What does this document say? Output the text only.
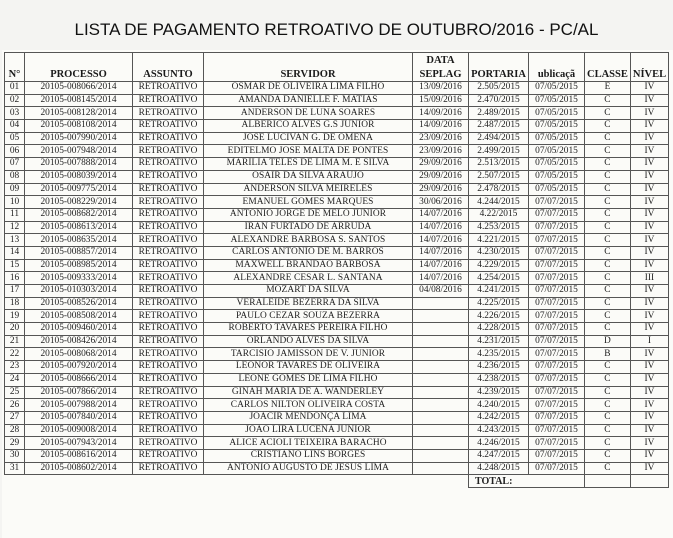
LISTA DE PAGAMENTO RETROATIVO DE OUTUBRO/2016 - PC/AL
				DATA				
N°	PROCESSO	ASSUNTO	SERVIDOR	SEPLAG	PORTARIA	ublicaçã	CLASSE	NÍVEL
01	20105-008066/2014	RETROATIVO	OSMAR DE OLIVEIRA LIMA FILHO	13/09/2016	2.505/2015	07/05/2015	E	IV
02	20105-008145/2014	RETROATIVO	AMANDA DANIELLE F. MATIAS	15/09/2016	2.470/2015	07/05/2015	C	IV
03	20105-008128/2014	RETROATIVO	ANDERSON DE LUNA SOARES	14/09/2016	2.489/2015	07/05/2015	C	IV
04	20105-008108/2014	RETROATIVO	ALBERICO ALVES G.S JUNIOR	14/09/2016	2.487/2015	07/05/2015	C	IV
05	20105-007990/2014	RETROATIVO	JOSE LUCIVAN G. DE OMENA	23/09/2016	2.494/2015	07/05/2015	C	IV
06	20105-007948/2014	RETROATIVO	EDITELMO JOSE MALTA DE PONTES	23/09/2016	2.499/2015	07/05/2015	C	IV
07	20105-007888/2014	RETROATIVO	MARILIA TELES DE LIMA M. E SILVA	29/09/2016	2.513/2015	07/05/2015	C	IV
08	20105-008039/2014	RETROATIVO	OSAIR DA SILVA ARAUJO	29/09/2016	2.507/2015	07/05/2015	C	IV
09	20105-009775/2014	RETROATIVO	ANDERSON SILVA MEIRELES	29/09/2016	2.478/2015	07/05/2015	C	IV
10	20105-008229/2014	RETROATIVO	EMANUEL GOMES MARQUES	30/06/2016	4.244/2015	07/07/2015	C	IV
11	20105-008682/2014	RETROATIVO	ANTONIO JORGE DE MELO JUNIOR	14/07/2016	4.22/2015	07/07/2015	C	IV
12	20105-008613/2014	RETROATIVO	IRAN FURTADO DE ARRUDA	14/07/2016	4.253/2015	07/07/2015	C	IV
13	20105-008635/2014	RETROATIVO	ALEXANDRE BARBOSA S. SANTOS	14/07/2016	4.221/2015	07/07/2015	C	IV
14	20105-008857/2014	RETROATIVO	CARLOS ANTONIO DE M. BARROS	14/07/2016	4.230/2015	07/07/2015	C	IV
15	20105-008985/2014	RETROATIVO	MAXWELL BRANDÃO BARBOSA	14/07/2016	4.229/2015	07/07/2015	C	IV
16	20105-009333/2014	RETROATIVO	ALEXANDRE CESAR L. SANTANA	14/07/2016	4.254/2015	07/07/2015	C	III
17	20105-010303/2014	RETROATIVO	MOZART DA SILVA	04/08/2016	4.241/2015	07/07/2015	C	IV
18	20105-008526/2014	RETROATIVO	VERALEIDE BEZERRA DA SILVA		4.225/2015	07/07/2015	C	IV
19	20105-008508/2014	RETROATIVO	PAULO CEZAR SOUZA BEZERRA		4.226/2015	07/07/2015	C	IV
20	20105-009460/2014	RETROATIVO	ROBERTO TAVARES PEREIRA FILHO		4.228/2015	07/07/2015	C	IV
21	20105-008426/2014	RETROATIVO	ORLANDO ALVES DA SILVA		4.231/2015	07/07/2015	D	I
22	20105-008068/2014	RETROATIVO	TARCISIO JAMISSON DE V. JUNIOR		4.235/2015	07/07/2015	B	IV
23	20105-007920/2014	RETROATIVO	LEONOR TAVARES DE OLIVEIRA		4.236/2015	07/07/2015	C	IV
24	20105-008666/2014	RETROATIVO	LEONE GOMES DE LIMA FILHO		4.238/2015	07/07/2015	C	IV
25	20105-007866/2014	RETROATIVO	GINAH MARIA DE A. WANDERLEY		4.239/2015	07/07/2015	C	IV
26	20105-007988/2014	RETROATIVO	CARLOS NILTON OLIVEIRA COSTA		4.240/2015	07/07/2015	C	IV
27	20105-007840/2014	RETROATIVO	JOACIR MENDONÇA LIMA		4.242/2015	07/07/2015	C	IV
28	20105-009008/2014	RETROATIVO	JOÃO LIRA LUCENA JUNIOR		4.243/2015	07/07/2015	C	IV
29	20105-007943/2014	RETROATIVO	ALICE ACIOLI TEIXEIRA BARACHO		4.246/2015	07/07/2015	C	IV
30	20105-008616/2014	RETROATIVO	CRISTIANO LINS BORGES		4.247/2015	07/07/2015	C	IV
31	20105-008602/2014	RETROATIVO	ANTONIO AUGUSTO DE JESUS LIMA		4.248/2015	07/07/2015	C	IV
					TOTAL:			
